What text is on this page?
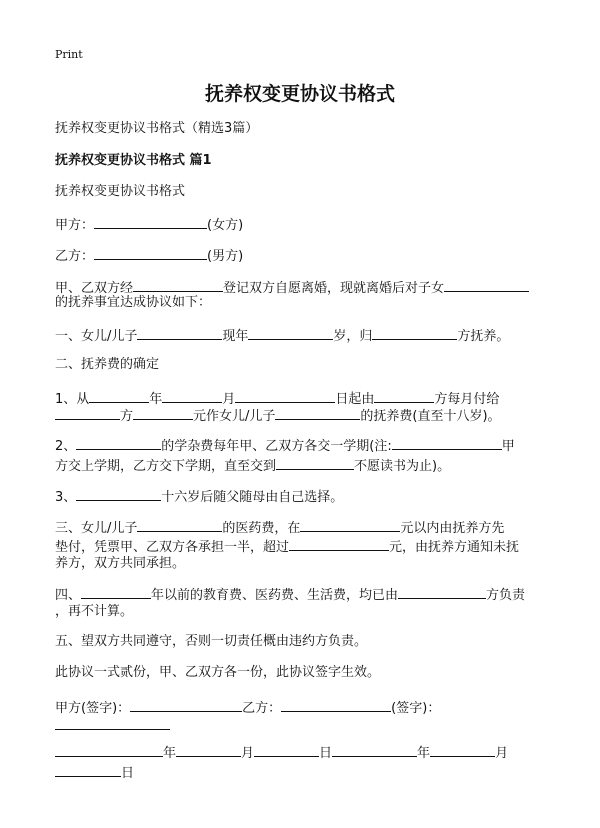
Print
抚养权变更协议书格式
抚养权变更协议书格式（精选3篇）
抚养权变更协议书格式 篇1
抚养权变更协议书格式
甲方：	(女方)
乙方：	(男方)
甲、乙双方经	登记双方自愿离婚，现就离婚后对子女
的抚养事宜达成协议如下：
一、女儿/儿子	现年	岁，归	方抚养。
二、抚养费的确定
1、从	年	月	日起由	方每月付给
方	元作女儿/儿子	的抚养费(直至十八岁)。
2、	的学杂费每年甲、乙双方各交一学期(注:	甲
方交上学期，乙方交下学期，直至交到	不愿读书为止)。
3、	十六岁后随父随母由自己选择。
三、女儿/儿子	的医药费，在	元以内由抚养方先
垫付，凭票甲、乙双方各承担一半，超过	元，由抚养方通知未抚
养方，双方共同承担。
四、	年以前的教育费、医药费、生活费，均已由	方负责
，再不计算。
五、望双方共同遵守，否则一切责任概由违约方负责。
此协议一式贰份，甲、乙双方各一份，此协议签字生效。
甲方(签字)：	乙方：	(签字)：
年	月	日	年	月
日
